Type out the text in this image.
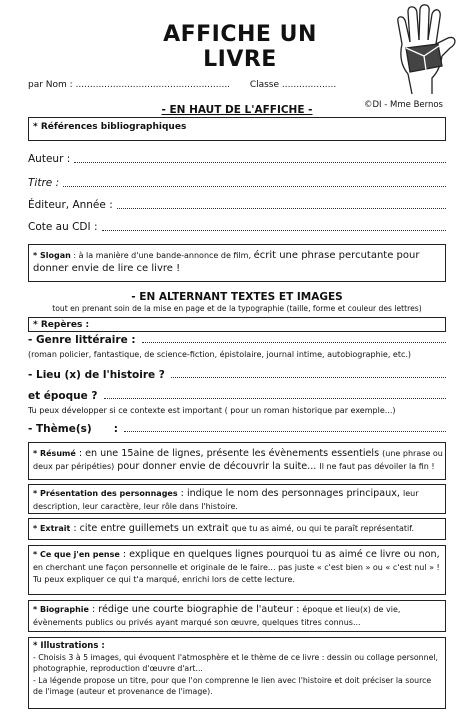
AFFICHE UN LIVRE
par Nom : ...................................................... Classe ...................
©DI - Mme Bernos
- EN HAUT DE L'AFFICHE -
* Références bibliographiques
Auteur :
Titre :
Éditeur, Année :
Cote au CDI :
* Slogan : à la manière d'une bande-annonce de film, écrit une phrase percutante pour donner envie de lire ce livre !
- EN ALTERNANT TEXTES ET IMAGES
tout en prenant soin de la mise en page et de la typographie (taille, forme et couleur des lettres)
* Repères :
- Genre littéraire :
(roman policier, fantastique, de science-fiction, épistolaire, journal intime, autobiographie, etc.)
- Lieu (x) de l'histoire ?
et époque ?
Tu peux développer si ce contexte est important ( pour un roman historique par exemple...)
- Thème(s) :
* Résumé : en une 15aine de lignes, présente les évènements essentiels (une phrase ou deux par péripéties) pour donner envie de découvrir la suite... Il ne faut pas dévoiler la fin !
* Présentation des personnages : indique le nom des personnages principaux, leur description, leur caractère, leur rôle dans l'histoire.
* Extrait : cite entre guillemets un extrait que tu as aimé, ou qui te paraît représentatif.
* Ce que j'en pense : explique en quelques lignes pourquoi tu as aimé ce livre ou non, en cherchant une façon personnelle et originale de le faire... pas juste « c'est bien » ou « c'est nul » ! Tu peux expliquer ce qui t'a marqué, enrichi lors de cette lecture.
* Biographie : rédige une courte biographie de l'auteur : époque et lieu(x) de vie, évènements publics ou privés ayant marqué son œuvre, quelques titres connus...
* Illustrations :
- Choisis 3 à 5 images, qui évoquent l'atmosphère et le thème de ce livre : dessin ou collage personnel, photographie, reproduction d'œuvre d'art...
- La légende propose un titre, pour que l'on comprenne le lien avec l'histoire et doit préciser la source de l'image (auteur et provenance de l'image).
